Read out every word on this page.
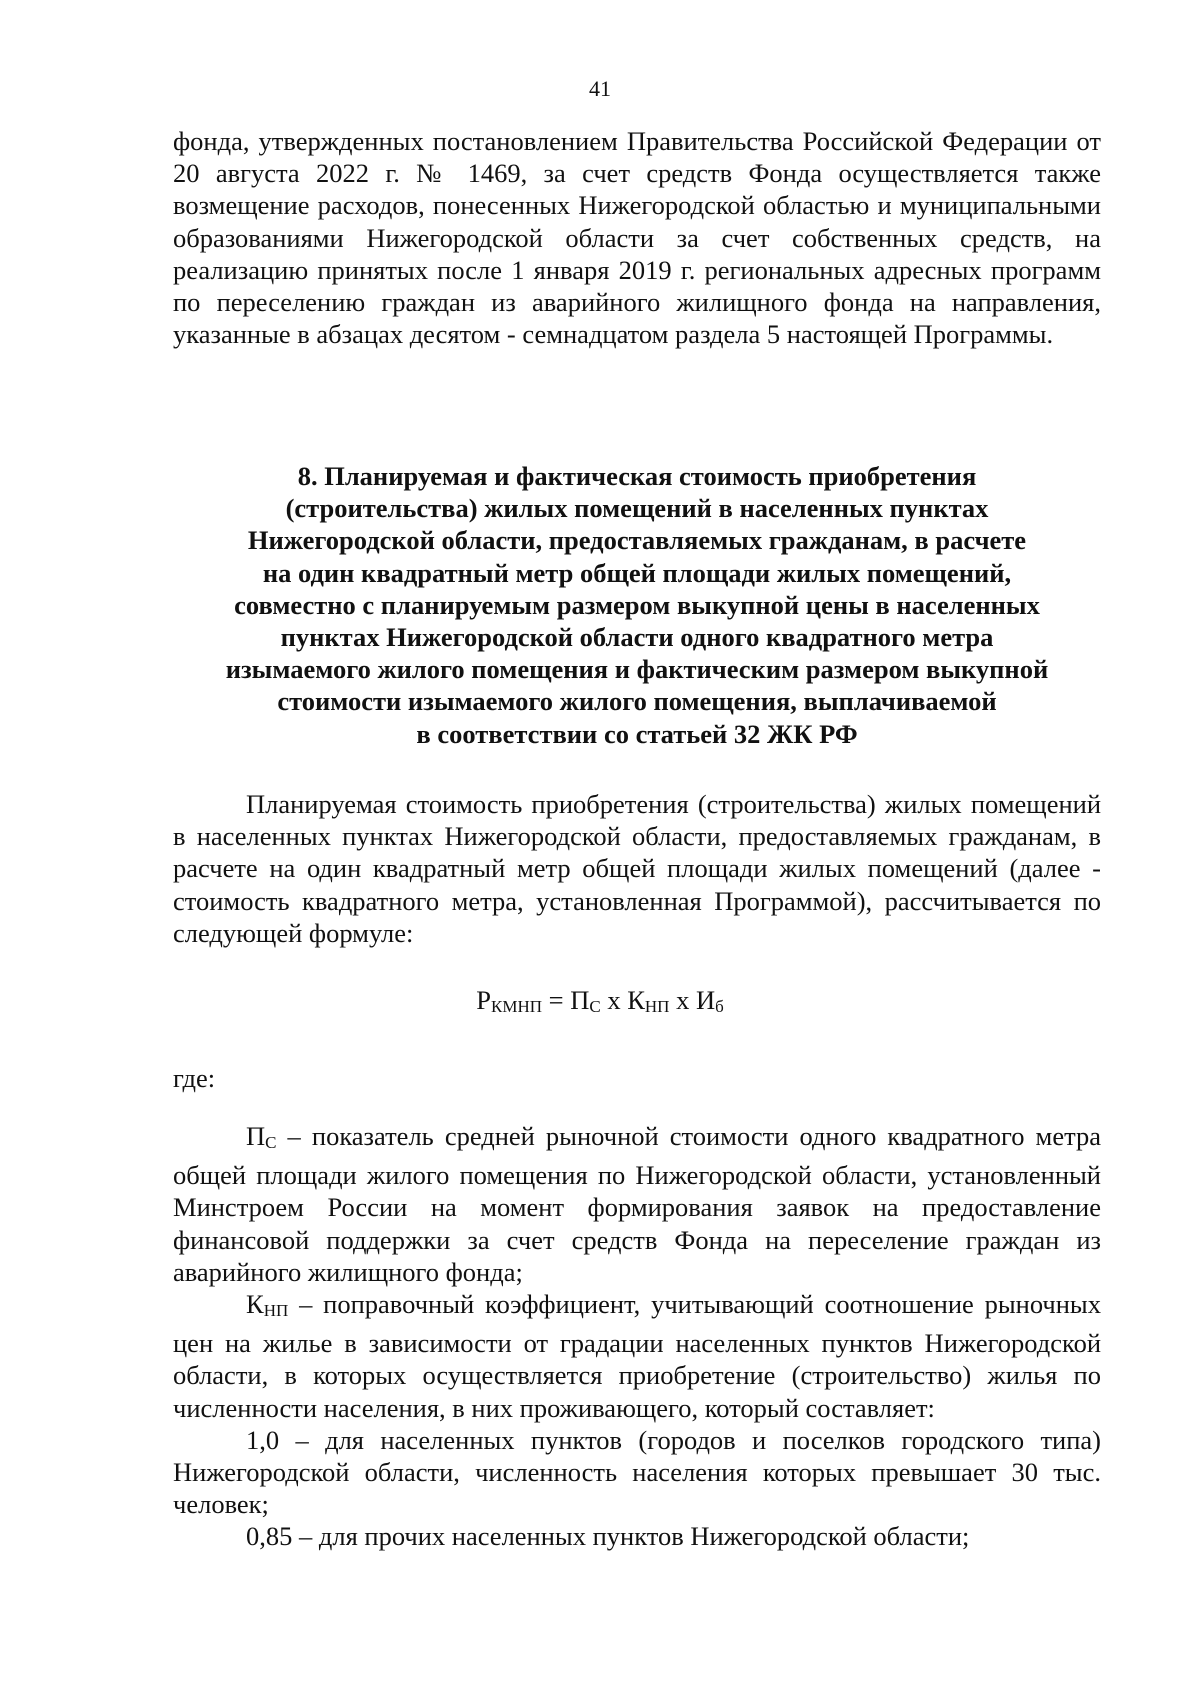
41

фонда, утвержденных постановлением Правительства Российской Федерации от 20 августа 2022 г. № 1469, за счет средств Фонда осуществляется также возмещение расходов, понесенных Нижегородской областью и муниципальными образованиями Нижегородской области за счет собственных средств, на реализацию принятых после 1 января 2019 г. региональных адресных программ по переселению граждан из аварийного жилищного фонда на направления, указанные в абзацах десятом - семнадцатом раздела 5 настоящей Программы.

8. Планируемая и фактическая стоимость приобретения
(строительства) жилых помещений в населенных пунктах
Нижегородской области, предоставляемых гражданам, в расчете
на один квадратный метр общей площади жилых помещений,
совместно с планируемым размером выкупной цены в населенных
пунктах Нижегородской области одного квадратного метра
изымаемого жилого помещения и фактическим размером выкупной
стоимости изымаемого жилого помещения, выплачиваемой
в соответствии со статьей 32 ЖК РФ

Планируемая стоимость приобретения (строительства) жилых помещений в населенных пунктах Нижегородской области, предоставляемых гражданам, в расчете на один квадратный метр общей площади жилых помещений (далее - стоимость квадратного метра, установленная Программой), рассчитывается по следующей формуле:

РКМНП = ПС х КНП х Иб
где:

ПС – показатель средней рыночной стоимости одного квадратного метра общей площади жилого помещения по Нижегородской области, установленный Минстроем России на момент формирования заявок на предоставление финансовой поддержки за счет средств Фонда на переселение граждан из аварийного жилищного фонда;

КНП – поправочный коэффициент, учитывающий соотношение рыночных цен на жилье в зависимости от градации населенных пунктов Нижегородской области, в которых осуществляется приобретение (строительство) жилья по численности населения, в них проживающего, который составляет:

1,0 – для населенных пунктов (городов и поселков городского типа) Нижегородской области, численность населения которых превышает 30 тыс. человек;

0,85 – для прочих населенных пунктов Нижегородской области;
